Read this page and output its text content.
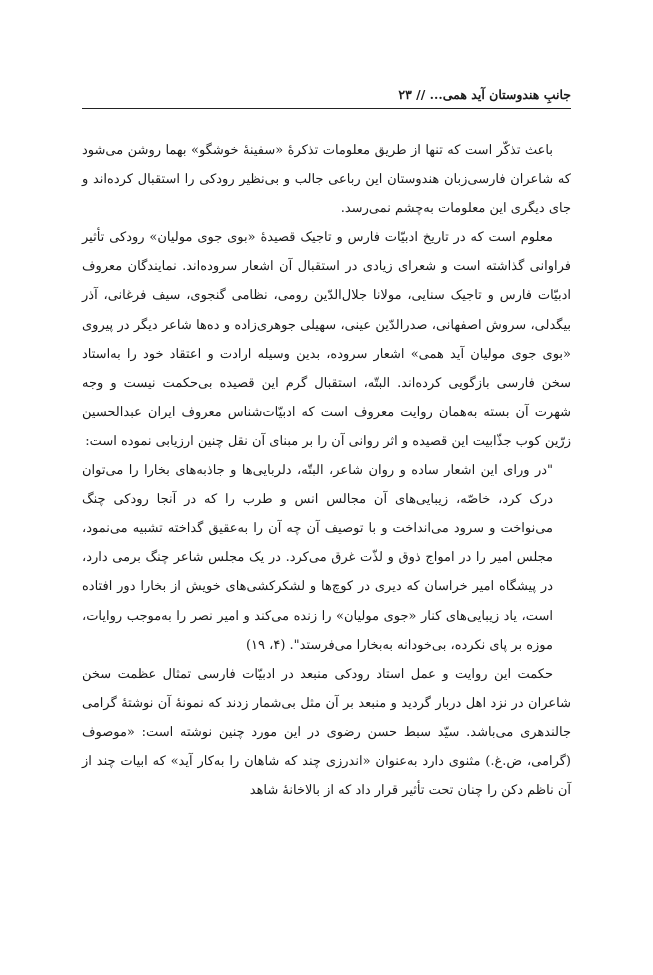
جانبِ هندوستان آید همی... // ۲۳

باعث تذکّر است که تنها از طریق معلومات تذکرهٔ «سفینهٔ خوشگو» بهما روشن می‌شود که شاعران فارسی‌زبان هندوستان این رباعی جالب و بی‌نظیر رودکی را استقبال کرده‌اند و جای دیگری این معلومات به‌چشم نمی‌رسد.

معلوم است که در تاریخ ادبیّات فارس و تاجیک قصیدهٔ «بوی جوی مولیان» رودکی تأثیر فراوانی گذاشته است و شعرای زیادی در استقبال آن اشعار سروده‌اند. نمایندگان معروف ادبیّات فارس و تاجیک سنایی، مولانا جلال‌الدّین رومی، نظامی گنجوی، سیف فرغانی، آذر بیگدلی، سروش اصفهانی، صدرالدّین عینی، سهیلی جوهری‌زاده و ده‌ها شاعر دیگر در پیروی «بوی جوی مولیان آید همی» اشعار سروده، بدین وسیله ارادت و اعتقاد خود را به‌استاد سخن فارسی بازگویی کرده‌اند. البتّه، استقبال گرم این قصیده بی‌حکمت نیست و وجه شهرت آن بسته به‌همان روایت معروف است که ادبیّات‌شناس معروف ایران عبدالحسین زرّین کوب جذّابیت این قصیده و اثر روانی آن را بر مبنای آن نقل چنین ارزیابی نموده است:

"در ورای این اشعار ساده و روان شاعر، البتّه، دلربایی‌ها و جاذبه‌های بخارا را می‌توان درک کرد، خاصّه، زیبایی‌های آن مجالس انس و طرب را که در آنجا رودکی چنگ می‌نواخت و سرود می‌انداخت و با توصیف آن چه آن را به‌عقیق گداخته تشبیه می‌نمود، مجلس امیر را در امواج ذوق و لذّت غرق می‌کرد. در یک مجلس شاعر چنگ برمی دارد، در پیشگاه امیر خراسان که دیری در کوچ‌ها و لشکرکشی‌های خویش از بخارا دور افتاده است، یاد زیبایی‌های کنار «جوی مولیان» را زنده می‌کند و امیر نصر را به‌موجب روایات، موزه بر پای نکرده، بی‌خودانه به‌بخارا می‌فرستد". (۴، ۱۹)

حکمت این روایت و عمل استاد رودکی منبعد در ادبیّات فارسی تمثال عظمت سخن شاعران در نزد اهل دربار گردید و منبعد بر آن مثل بی‌شمار زدند که نمونهٔ آن نوشتهٔ گرامی جالندهری می‌باشد. سیّد سبط حسن رضوی در این مورد چنین نوشته است: «موصوف (گرامی، ض.غ.) مثنوی دارد به‌عنوان «اندرزی چند که شاهان را به‌کار آید» که ابیات چند از آن ناظم دکن را چنان تحت تأثیر قرار داد که از بالاخانهٔ شاهد
